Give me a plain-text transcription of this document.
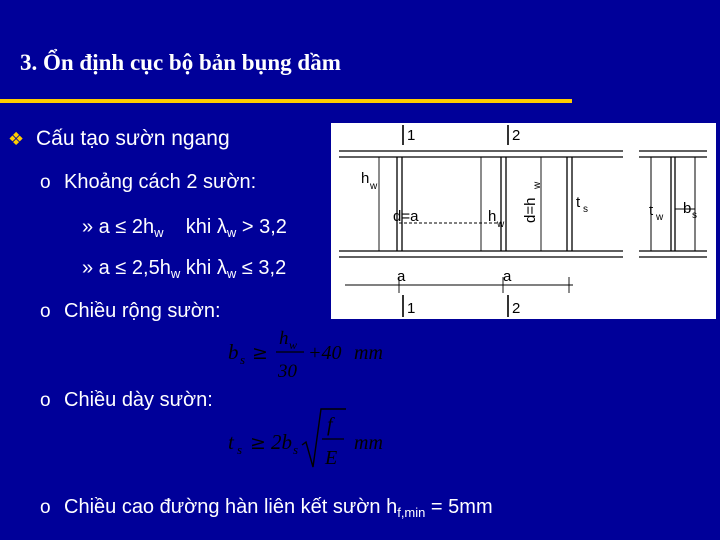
3. Ổn định cục bộ bản bụng dầm
❖ Cấu tạo sườn ngang
o Khoảng cách 2 sườn:
» $a \le 2h_w$ khi $\lambda_w > 3,2$
» $a \le 2,5h_w$ khi $\lambda_w \le 3,2$
o Chiều rộng sườn:
b s ≥
h w
30
+40 mm
o Chiều dày sườn:
t s ≥ 2b s
f
E
mm
o Chiều cao đường hàn liên kết sườn $h_{f,min} = 5mm$
1	2
1	2
h w
d=a	h w
d=h
w
t s	t w
b s
a	a
